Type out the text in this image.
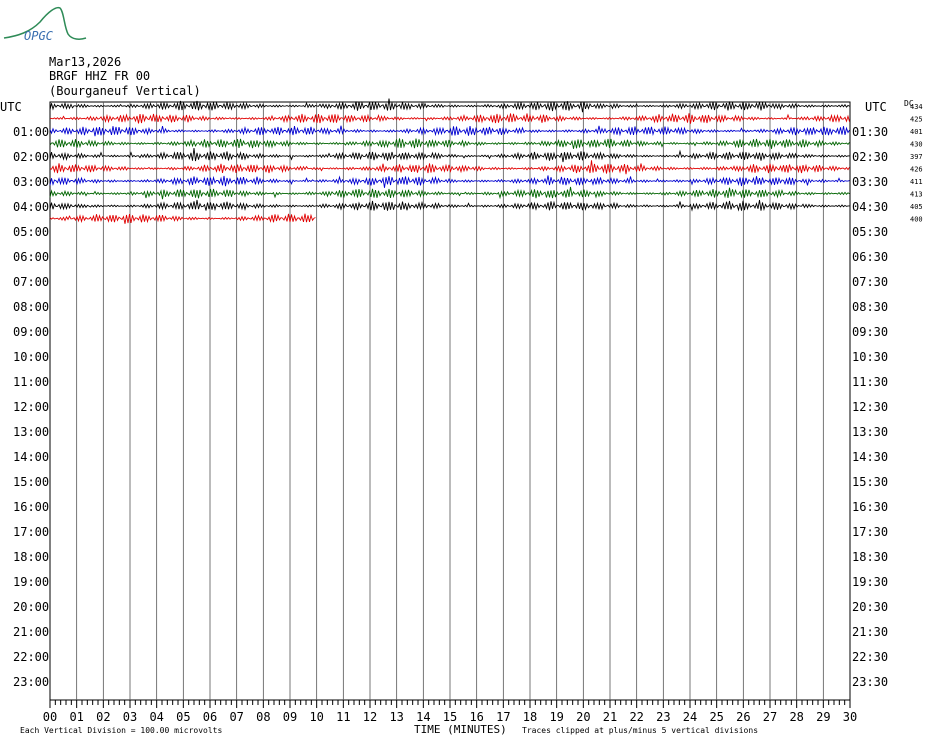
OPGC
Mar13,2026
BRGF HHZ FR 00
(Bourganeuf Vertical)
UTC	UTC DC
01:00
02:00
03:00
04:00
05:00
06:00
07:00
08:00
09:00
10:00
11:00
12:00
13:00
14:00
15:00
16:00
17:00
18:00
19:00
20:00
21:00
22:00
23:00
01:30
02:30
03:30
04:30
05:30
06:30
07:30
08:30
09:30
10:30
11:30
12:30
13:30
14:30
15:30
16:30
17:30
18:30
19:30
20:30
21:30
22:30
23:30
434
425
401
430
397
426
411
413
405
400
00 01 02 03 04 05 06 07 08 09 10 11 12 13 14 15 16 17 18 19 20 21 22 23 24 25 26 27 28 29 30
TIME (MINUTES)
Each Vertical Division = 100.00 microvolts	Traces clipped at plus/minus 5 vertical divisions
